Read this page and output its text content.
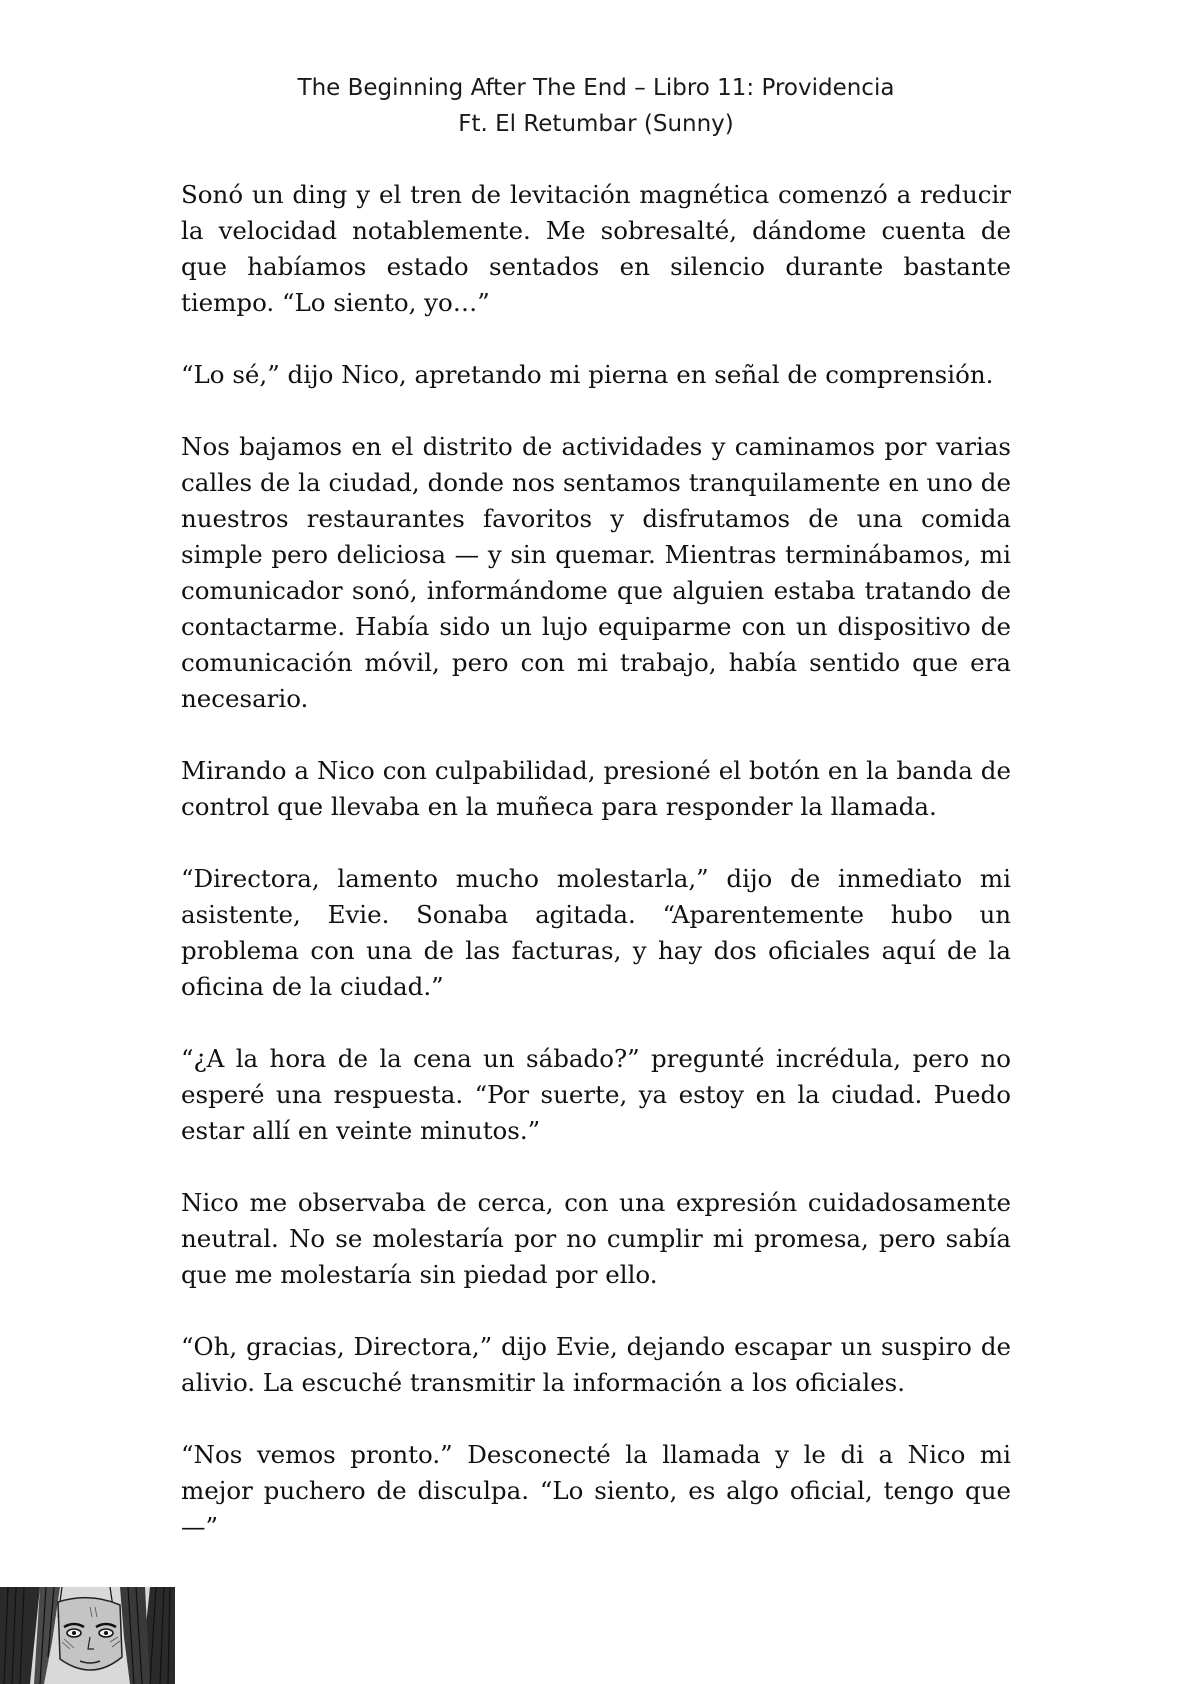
The Beginning After The End – Libro 11: Providencia
Ft. El Retumbar (Sunny)

Sonó un ding y el tren de levitación magnética comenzó a reducir la velocidad notablemente. Me sobresalté, dándome cuenta de que habíamos estado sentados en silencio durante bastante tiempo. “Lo siento, yo…”

“Lo sé,” dijo Nico, apretando mi pierna en señal de comprensión.

Nos bajamos en el distrito de actividades y caminamos por varias calles de la ciudad, donde nos sentamos tranquilamente en uno de nuestros restaurantes favoritos y disfrutamos de una comida simple pero deliciosa — y sin quemar. Mientras terminábamos, mi comunicador sonó, informándome que alguien estaba tratando de contactarme. Había sido un lujo equiparme con un dispositivo de comunicación móvil, pero con mi trabajo, había sentido que era necesario.

Mirando a Nico con culpabilidad, presioné el botón en la banda de control que llevaba en la muñeca para responder la llamada.

“Directora, lamento mucho molestarla,” dijo de inmediato mi asistente, Evie. Sonaba agitada. “Aparentemente hubo un problema con una de las facturas, y hay dos oficiales aquí de la oficina de la ciudad.”

“¿A la hora de la cena un sábado?” pregunté incrédula, pero no esperé una respuesta. “Por suerte, ya estoy en la ciudad. Puedo estar allí en veinte minutos.”

Nico me observaba de cerca, con una expresión cuidadosamente neutral. No se molestaría por no cumplir mi promesa, pero sabía que me molestaría sin piedad por ello.

“Oh, gracias, Directora,” dijo Evie, dejando escapar un suspiro de alivio. La escuché transmitir la información a los oficiales.

“Nos vemos pronto.” Desconecté la llamada y le di a Nico mi mejor puchero de disculpa. “Lo siento, es algo oficial, tengo que—”
